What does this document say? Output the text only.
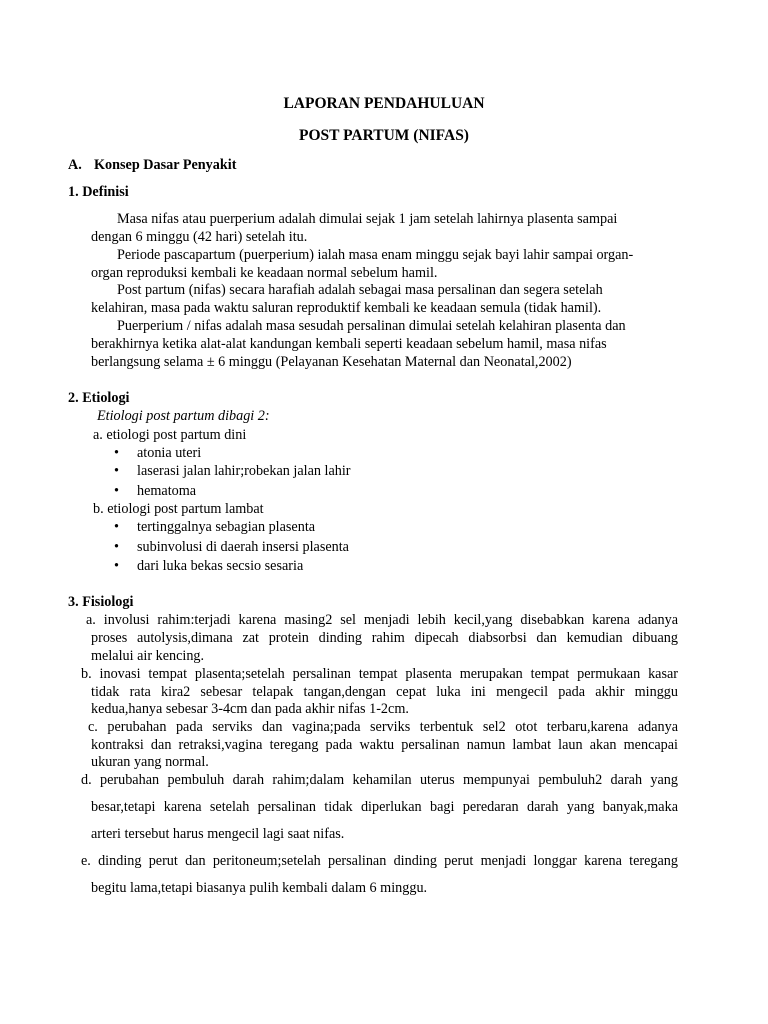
LAPORAN PENDAHULUAN
POST PARTUM (NIFAS)
A. Konsep Dasar Penyakit
1. Definisi
Masa nifas atau puerperium adalah dimulai sejak 1 jam setelah lahirnya plasenta sampai
dengan 6 minggu (42 hari) setelah itu.
Periode pascapartum (puerperium) ialah masa enam minggu sejak bayi lahir sampai organ-
organ reproduksi kembali ke keadaan normal sebelum hamil.
Post partum (nifas) secara harafiah adalah sebagai masa persalinan dan segera setelah
kelahiran, masa pada waktu saluran reproduktif kembali ke keadaan semula (tidak hamil).
Puerperium / nifas adalah masa sesudah persalinan dimulai setelah kelahiran plasenta dan
berakhirnya ketika alat-alat kandungan kembali seperti keadaan sebelum hamil, masa nifas
berlangsung selama ± 6 minggu (Pelayanan Kesehatan Maternal dan Neonatal,2002)
2. Etiologi
Etiologi post partum dibagi 2:
a. etiologi post partum dini
• atonia uteri
• laserasi jalan lahir;robekan jalan lahir
• hematoma
b. etiologi post partum lambat
• tertinggalnya sebagian plasenta
• subinvolusi di daerah insersi plasenta
• dari luka bekas secsio sesaria
3. Fisiologi
a. involusi rahim:terjadi karena masing2 sel menjadi lebih kecil,yang disebabkan karena adanya
proses autolysis,dimana zat protein dinding rahim dipecah diabsorbsi dan kemudian dibuang
melalui air kencing.
b. inovasi tempat plasenta;setelah persalinan tempat plasenta merupakan tempat permukaan kasar
tidak rata kira2 sebesar telapak tangan,dengan cepat luka ini mengecil pada akhir minggu
kedua,hanya sebesar 3-4cm dan pada akhir nifas 1-2cm.
c. perubahan pada serviks dan vagina;pada serviks terbentuk sel2 otot terbaru,karena adanya
kontraksi dan retraksi,vagina teregang pada waktu persalinan namun lambat laun akan mencapai
ukuran yang normal.
d. perubahan pembuluh darah rahim;dalam kehamilan uterus mempunyai pembuluh2 darah yang
besar,tetapi karena setelah persalinan tidak diperlukan bagi peredaran darah yang banyak,maka
arteri tersebut harus mengecil lagi saat nifas.
e. dinding perut dan peritoneum;setelah persalinan dinding perut menjadi longgar karena teregang
begitu lama,tetapi biasanya pulih kembali dalam 6 minggu.
